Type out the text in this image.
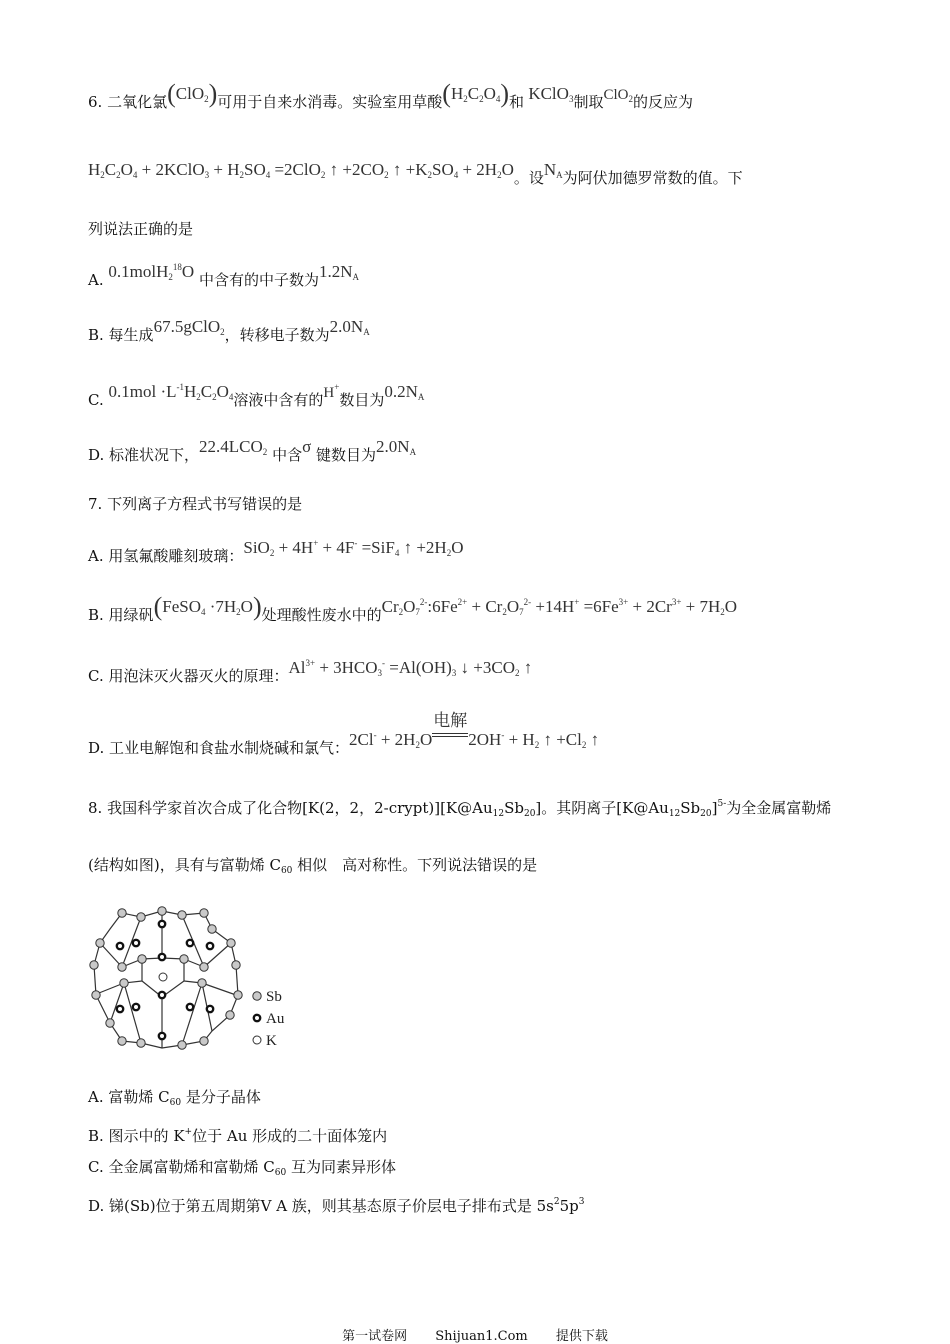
6. 二氧化氯(ClO$_2$)可用于自来水消毒。实验室用草酸$(H_2C_2O_4)$和 KClO$_3$制取ClO$_2$的反应为
$H_2C_2O_4$ + 2KClO$_3$ + $H_2SO_4 =2ClO_2$ ↑ $+2CO_2$ ↑ $+K_2SO_4 + 2H_2O$。设$N_A$为阿伏加德罗常数的值。下
列说法正确的是
A. 0.1molH$_2^{18}$O 中含有的中子数为$1.2N_A$
B. 每生成67.5gClO$_2$，转移电子数为$2.0N_A$
C. $0.1mol \cdot L^{-1}H_2C_2O_4$溶液中含有的H+数目为$0.2N_A$
D. 标准状况下，$22.4LCO_2$ 中含σ 键数目为$2.0N_A$
7. 下列离子方程式书写错误的是
A. 用氢氟酸雕刻玻璃：SiO$_2$ + 4H+ + 4F- =SiF$_4$ ↑ $+2H_2O$
B. 用绿矾(FeSO$_4$ $\cdot 7H_2O$)处理酸性废水中的$Cr_2O_7^{2-}:6Fe^{2+} + Cr_2O_7^{2-} +14H^+ =6Fe^{3+} + 2Cr^{3+} + 7H_2O$
C. 用泡沫灭火器灭火的原理：$Al^{3+} + 3HCO_3^- =Al(OH)_3$ ↓ $+3CO_2$ ↑
D. 工业电解饱和食盐水制烧碱和氯气：$2Cl^- + 2H_2O$
电解
$2OH^- + H_2$ ↑ $+Cl_2$ ↑
8. 我国科学家首次合成了化合物[K(2，2，$2-crypt)][K@Au_{12}Sb_{20}]$。其阴离子$[K@Au_{12}Sb_{20}]^{5-}$为全金属富勒烯
(结构如图)，具有与富勒烯 $C_{60}$ 相似　高对称性。下列说法错误的是
Sb
Au
K
A. 富勒烯 $C_{60}$ 是分子晶体
B. 图示中的 K+位于 Au 形成的二十面体笼内
C. 全金属富勒烯和富勒烯 $C_{60}$ 互为同素异形体
D. 锑(Sb)位于第五周期第Ⅴ A 族，则其基态原子价层电子排布式是 $5s^25p^3$
第一试卷网 Shijuan1.Com 提供下载
